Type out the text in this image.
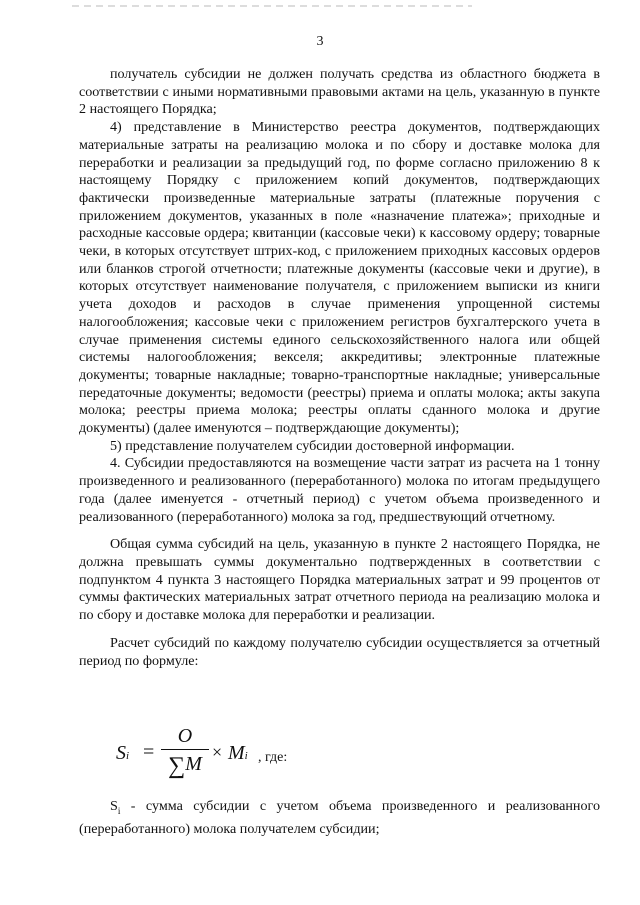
3

получатель субсидии не должен получать средства из областного бюджета в соответствии с иными нормативными правовыми актами на цель, указанную в пункте 2 настоящего Порядка;

4) представление в Министерство реестра документов, подтверждающих материальные затраты на реализацию молока и по сбору и доставке молока для переработки и реализации за предыдущий год, по форме согласно приложению 8 к настоящему Порядку с приложением копий документов, подтверждающих фактически произведенные материальные затраты (платежные поручения с приложением документов, указанных в поле «назначение платежа»; приходные и расходные кассовые ордера; квитанции (кассовые чеки) к кассовому ордеру; товарные чеки, в которых отсутствует штрих-код, с приложением приходных кассовых ордеров или бланков строгой отчетности; платежные документы (кассовые чеки и другие), в которых отсутствует наименование получателя, с приложением выписки из книги учета доходов и расходов в случае применения упрощенной системы налогообложения; кассовые чеки с приложением регистров бухгалтерского учета в случае применения системы единого сельскохозяйственного налога или общей системы налогообложения; векселя; аккредитивы; электронные платежные документы; товарные накладные; товарно-транспортные накладные; универсальные передаточные документы; ведомости (реестры) приема и оплаты молока; акты закупа молока; реестры приема молока; реестры оплаты сданного молока и другие документы) (далее именуются – подтверждающие документы);

5) представление получателем субсидии достоверной информации.

4. Субсидии предоставляются на возмещение части затрат из расчета на 1 тонну произведенного и реализованного (переработанного) молока по итогам предыдущего года (далее именуется - отчетный период) с учетом объема произведенного и реализованного (переработанного) молока за год, предшествующий отчетному.

Общая сумма субсидий на цель, указанную в пункте 2 настоящего Порядка, не должна превышать суммы документально подтвержденных в соответствии с подпунктом 4 пункта 3 настоящего Порядка материальных затрат и 99 процентов от суммы фактических материальных затрат отчетного периода на реализацию молока и по сбору и доставке молока для переработки и реализации.

Расчет субсидий по каждому получателю субсидии осуществляется за отчетный период по формуле:

Si =
O
∑M
× Mi , где:

$S_i$ - сумма субсидии с учетом объема произведенного и реализованного (переработанного) молока получателем субсидии;
